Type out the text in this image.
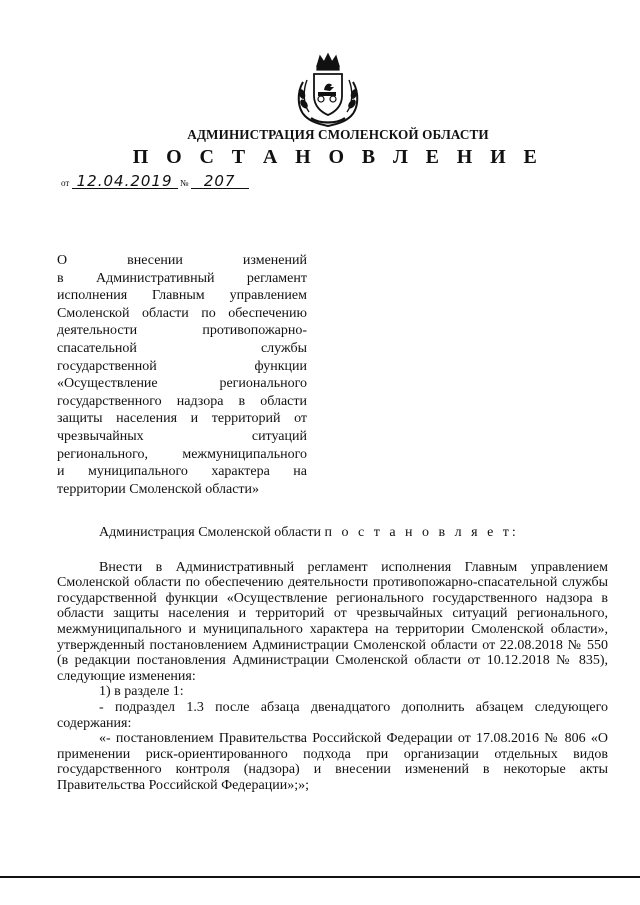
АДМИНИСТРАЦИЯ СМОЛЕНСКОЙ ОБЛАСТИ
П О С Т А Н О В Л Е Н И Е
от 12.04.2019 № 207
О внесении изменений
в Административный регламент
исполнения Главным управлением
Смоленской области по обеспечению
деятельности противопожарно-
спасательной службы
государственной функции
«Осуществление регионального
государственного надзора в области
защиты населения и территорий от
чрезвычайных ситуаций
регионального, межмуниципального
и муниципального характера на
территории Смоленской области»

Администрация Смоленской области п о с т а н о в л я е т:

Внести в Административный регламент исполнения Главным управлением Смоленской области по обеспечению деятельности противопожарно-спасательной службы государственной функции «Осуществление регионального государственного надзора в области защиты населения и территорий от чрезвычайных ситуаций регионального, межмуниципального и муниципального характера на территории Смоленской области», утвержденный постановлением Администрации Смоленской области от 22.08.2018 № 550 (в редакции постановления Администрации Смоленской области от 10.12.2018 № 835), следующие изменения:

1) в разделе 1:

- подраздел 1.3 после абзаца двенадцатого дополнить абзацем следующего содержания:

«- постановлением Правительства Российской Федерации от 17.08.2016 № 806 «О применении риск-ориентированного подхода при организации отдельных видов государственного контроля (надзора) и внесении изменений в некоторые акты Правительства Российской Федерации»;»;
